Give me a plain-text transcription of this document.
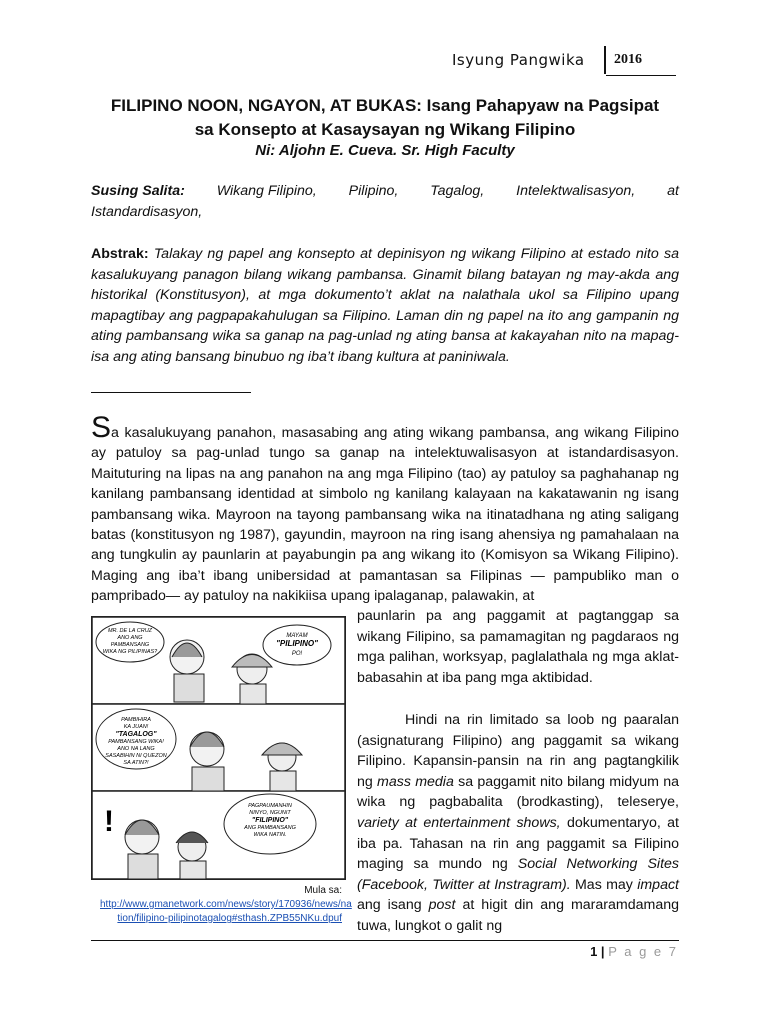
Isyung Pangwika 2016
FILIPINO NOON, NGAYON, AT BUKAS: Isang Pahapyaw na Pagsipat
sa Konsepto at Kasaysayan ng Wikang Filipino
Ni: Aljohn E. Cueva. Sr. High Faculty
Susing Salita: Wikang Filipino, Pilipino, Tagalog, Intelektwalisasyon, at
Istandardisasyon,
Abstrak: Talakay ng papel ang konsepto at depinisyon ng wikang Filipino at estado nito sa kasalukuyang panagon bilang wikang pambansa. Ginamit bilang batayan ng may-akda ang historikal (Konstitusyon), at mga dokumento’t aklat na nalathala ukol sa Filipino upang mapagtibay ang pagpapakahulugan sa Filipino. Laman din ng papel na ito ang gampanin ng ating pambansang wika sa ganap na pag-unlad ng ating bansa at kakayahan nito na mapag-isa ang ating bansang binubuo ng iba’t ibang kultura at paniniwala.
Sa kasalukuyang panahon, masasabing ang ating wikang pambansa, ang wikang Filipino ay patuloy sa pag-unlad tungo sa ganap na intelektuwalisasyon at istandardisasyon. Maituturing na lipas na ang panahon na ang mga Filipino (tao) ay patuloy sa paghahanap ng kanilang pambansang identidad at simbolo ng kanilang kalayaan na kakatawanin ng isang pambansang wika. Mayroon na tayong pambansang wika na itinatadhana ng ating saligang batas (konstitusyon ng 1987), gayundin, mayroon na ring isang ahensiya ng pamahalaan na ang tungkulin ay paunlarin at payabungin pa ang wikang ito (Komisyon sa Wikang Filipino). Maging ang iba’t ibang unibersidad at pamantasan sa Filipinas — pampubliko man o pampribado— ay patuloy na nakikiisa upang ipalaganap, palawakin, at
MR. DE LA CRUZ ANO ANG PAMBANSANG WIKA NG PILIPINAS?
MAYAM "PILIPINO" PO!
PAMBIHIRA KA JUAN! "TAGALOG" PAMBANSANG WIKA! ANO NA LANG SASABIHIN NI QUEZON SA ATIN?!
PAGPAUMANHIN NINYO, NGUNIT "FILIPINO" ANG PAMBANSANG WIKA NATIN.
!
Mula sa:
http://www.gmanetwork.com/news/story/170936/news/na
tion/filipino-pilipinotagalog#sthash.ZPB55NKu.dpuf
paunlarin pa ang paggamit at pagtanggap sa wikang Filipino, sa pamamagitan ng pagdaraos ng mga palihan, worksyap, paglalathala ng mga aklat-babasahin at iba pang mga aktibidad.
Hindi na rin limitado sa loob ng paaralan (asignaturang Filipino) ang paggamit sa wikang Filipino. Kapansin-pansin na rin ang pagtangkilik ng mass media sa paggamit nito bilang midyum na wika ng pagbabalita (brodkasting), teleserye, variety at entertainment shows, dokumentaryo, at iba pa. Tahasan na rin ang paggamit sa Filipino maging sa mundo ng Social Networking Sites (Facebook, Twitter at Instragram). Mas may impact ang isang post at higit din ang mararamdamang tuwa, lungkot o galit ng
1 | P a g e 7
